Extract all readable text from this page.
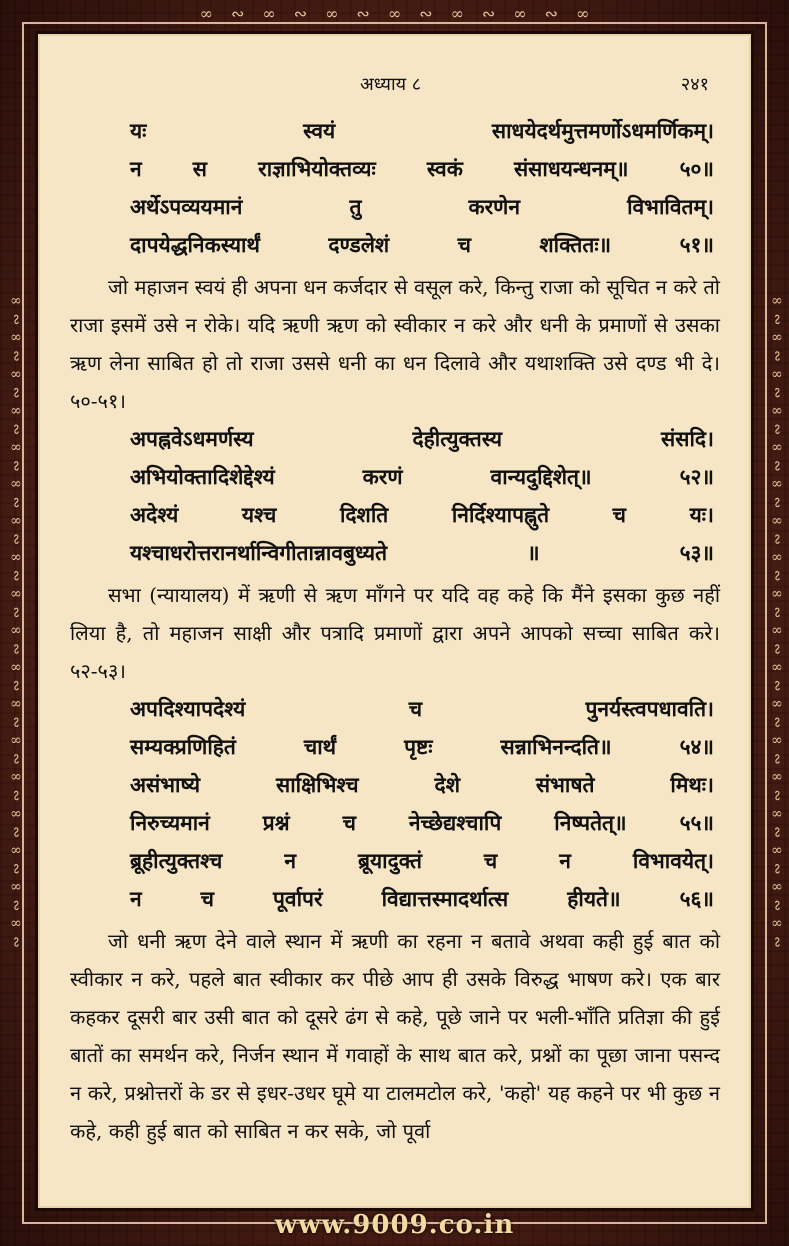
∞ ∾ ∞ ∾ ∞ ∾ ∞ ∾ ∞ ∾ ∞ ∾ ∞
∞ ∾ ∞ ∾ ∞ ∾ ∞ ∾ ∞ ∾ ∞ ∾ ∞ ∾ ∞ ∾ ∞ ∾ ∞ ∾ ∞ ∾ ∞ ∾ ∞ ∾ ∞ ∾ ∞ ∾ ∞ ∾ ∞ ∾ ∞ ∾	∞ ∾ ∞ ∾ ∞ ∾ ∞ ∾ ∞ ∾ ∞ ∾ ∞ ∾ ∞ ∾ ∞ ∾ ∞ ∾ ∞ ∾ ∞ ∾ ∞ ∾ ∞ ∾ ∞ ∾ ∞ ∾ ∞ ∾ ∞ ∾
अध्याय ८	२४१
यः स्वयं साधयेदर्थमुत्तमर्णोऽधमर्णिकम्।
न स राज्ञाभियोक्तव्यः स्वकं संसाधयन्धनम्॥ ५०॥
अर्थेऽपव्ययमानं तु करणेन विभावितम्।
दापयेद्धनिकस्यार्थं दण्डलेशं च शक्तितः॥ ५१॥

जो महाजन स्वयं ही अपना धन कर्जदार से वसूल करे, किन्तु राजा को सूचित न करे तो राजा इसमें उसे न रोके। यदि ऋणी ऋण को स्वीकार न करे और धनी के प्रमाणों से उसका ऋण लेना साबित हो तो राजा उससे धनी का धन दिलावे और यथाशक्ति उसे दण्ड भी दे।५०-५१।

अपह्नवेऽधमर्णस्य देहीत्युक्तस्य संसदि।
अभियोक्तादिशेद्देश्यं करणं वान्यदुद्दिशेत्॥ ५२॥
अदेश्यं यश्च दिशति निर्दिश्यापह्नुते च यः।
यश्चाधरोत्तरानर्थान्विगीतान्नावबुध्यते ॥ ५३॥

सभा (न्यायालय) में ऋणी से ऋण माँगने पर यदि वह कहे कि मैंने इसका कुछ नहीं लिया है, तो महाजन साक्षी और पत्रादि प्रमाणों द्वारा अपने आपको सच्चा साबित करे।५२-५३।

अपदिश्यापदेश्यं च पुनर्यस्त्वपधावति।
सम्यक्प्रणिहितं चार्थं पृष्टः सन्नाभिनन्दति॥ ५४॥
असंभाष्ये साक्षिभिश्च देशे संभाषते मिथः।
निरुच्यमानं प्रश्नं च नेच्छेद्यश्चापि निष्पतेत्॥ ५५॥
ब्रूहीत्युक्तश्च न ब्रूयादुक्तं च न विभावयेत्।
न च पूर्वापरं विद्यात्तस्मादर्थात्स हीयते॥ ५६॥

जो धनी ऋण देने वाले स्थान में ऋणी का रहना न बतावे अथवा कही हुई बात को स्वीकार न करे, पहले बात स्वीकार कर पीछे आप ही उसके विरुद्ध भाषण करे। एक बार कहकर दूसरी बार उसी बात को दूसरे ढंग से कहे, पूछे जाने पर भली-भाँति प्रतिज्ञा की हुई बातों का समर्थन करे, निर्जन स्थान में गवाहों के साथ बात करे, प्रश्नों का पूछा जाना पसन्द न करे, प्रश्नोत्तरों के डर से इधर-उधर घूमे या टालमटोल करे, 'कहो' यह कहने पर भी कुछ न कहे, कही हुई बात को साबित न कर सके, जो पूर्वा

www.9009.co.in
